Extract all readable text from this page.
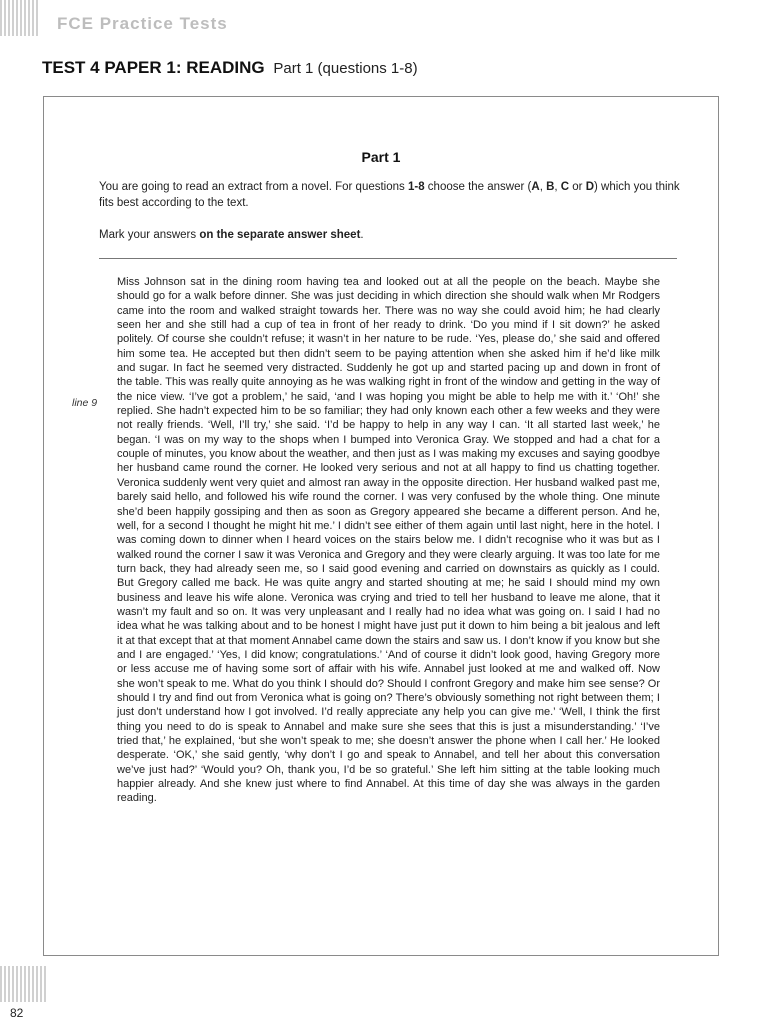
FCE Practice Tests
TEST 4 PAPER 1: READING Part 1 (questions 1-8)
Part 1

You are going to read an extract from a novel. For questions 1-8 choose the answer (A, B, C or D) which you think fits best according to the text.

Mark your answers on the separate answer sheet.

line 9

Miss Johnson sat in the dining room having tea and looked out at all the people on the beach. Maybe she should go for a walk before dinner. She was just deciding in which direction she should walk when Mr Rodgers came into the room and walked straight towards her. There was no way she could avoid him; he had clearly seen her and she still had a cup of tea in front of her ready to drink. ‘Do you mind if I sit down?’ he asked politely. Of course she couldn’t refuse; it wasn’t in her nature to be rude. ‘Yes, please do,’ she said and offered him some tea. He accepted but then didn’t seem to be paying attention when she asked him if he’d like milk and sugar. In fact he seemed very distracted. Suddenly he got up and started pacing up and down in front of the table. This was really quite annoying as he was walking right in front of the window and getting in the way of the nice view. ‘I’ve got a problem,’ he said, ‘and I was hoping you might be able to help me with it.’ ‘Oh!’ she replied. She hadn’t expected him to be so familiar; they had only known each other a few weeks and they were not really friends. ‘Well, I’ll try,’ she said. ‘I’d be happy to help in any way I can. ‘It all started last week,’ he began. ‘I was on my way to the shops when I bumped into Veronica Gray. We stopped and had a chat for a couple of minutes, you know about the weather, and then just as I was making my excuses and saying goodbye her husband came round the corner. He looked very serious and not at all happy to find us chatting together. Veronica suddenly went very quiet and almost ran away in the opposite direction. Her husband walked past me, barely said hello, and followed his wife round the corner. I was very confused by the whole thing. One minute she’d been happily gossiping and then as soon as Gregory appeared she became a different person. And he, well, for a second I thought he might hit me.’ I didn’t see either of them again until last night, here in the hotel. I was coming down to dinner when I heard voices on the stairs below me. I didn’t recognise who it was but as I walked round the corner I saw it was Veronica and Gregory and they were clearly arguing. It was too late for me turn back, they had already seen me, so I said good evening and carried on downstairs as quickly as I could. But Gregory called me back. He was quite angry and started shouting at me; he said I should mind my own business and leave his wife alone. Veronica was crying and tried to tell her husband to leave me alone, that it wasn’t my fault and so on. It was very unpleasant and I really had no idea what was going on. I said I had no idea what he was talking about and to be honest I might have just put it down to him being a bit jealous and left it at that except that at that moment Annabel came down the stairs and saw us. I don’t know if you know but she and I are engaged.’ ‘Yes, I did know; congratulations.’ ‘And of course it didn’t look good, having Gregory more or less accuse me of having some sort of affair with his wife. Annabel just looked at me and walked off. Now she won’t speak to me. What do you think I should do? Should I confront Gregory and make him see sense? Or should I try and find out from Veronica what is going on? There’s obviously something not right between them; I just don’t understand how I got involved. I’d really appreciate any help you can give me.’ ‘Well, I think the first thing you need to do is speak to Annabel and make sure she sees that this is just a misunderstanding.’ ‘I’ve tried that,’ he explained, ‘but she won’t speak to me; she doesn’t answer the phone when I call her.’ He looked desperate. ‘OK,’ she said gently, ‘why don’t I go and speak to Annabel, and tell her about this conversation we’ve just had?’ ‘Would you? Oh, thank you, I’d be so grateful.’ She left him sitting at the table looking much happier already. And she knew just where to find Annabel. At this time of day she was always in the garden reading.

82
